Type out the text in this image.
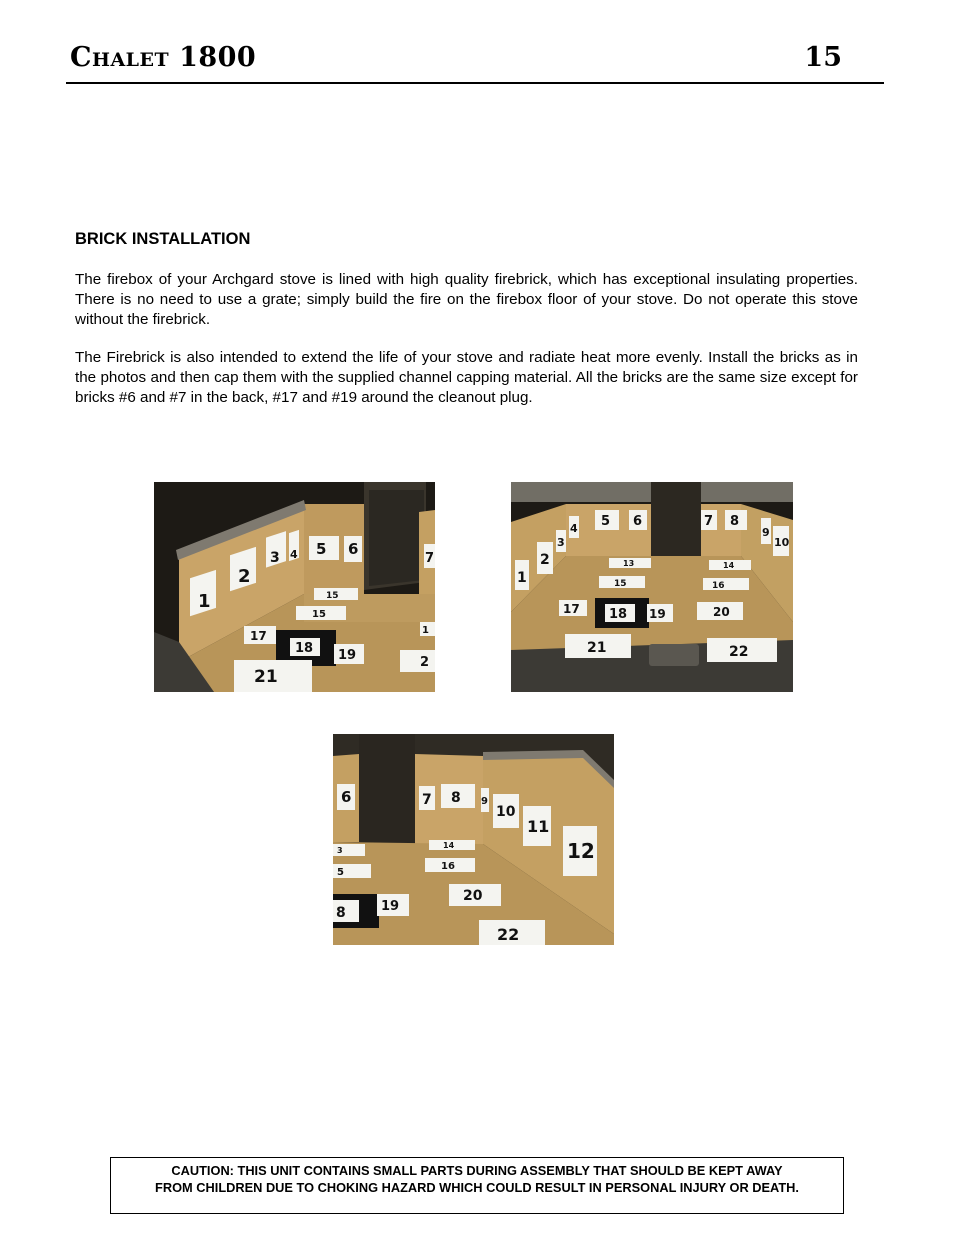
Chalet 1800	15
BRICK INSTALLATION
The firebox of your Archgard stove is lined with high quality firebrick, which has exceptional insulating properties. There is no need to use a grate; simply build the fire on the firebox floor of your stove. Do not operate this stove without the firebrick.
The Firebrick is also intended to extend the life of your stove and radiate heat more evenly. Install the bricks as in the photos and then cap them with the supplied channel capping material. All the bricks are the same size except for bricks #6 and #7 in the back, #17 and #19 around the cleanout plug.
1
2
3 4 5 6
7
15
15
17
18 19
21
1
2
1
2
3
4 5 6	7 8
9
10
13	14
15	16
17 18 19	20
21	22
6	7 8 9
10
11
12
3
5
8	19
14
16
20
22
CAUTION: THIS UNIT CONTAINS SMALL PARTS DURING ASSEMBLY THAT SHOULD BE KEPT AWAY
FROM CHILDREN DUE TO CHOKING HAZARD WHICH COULD RESULT IN PERSONAL INJURY OR DEATH.
